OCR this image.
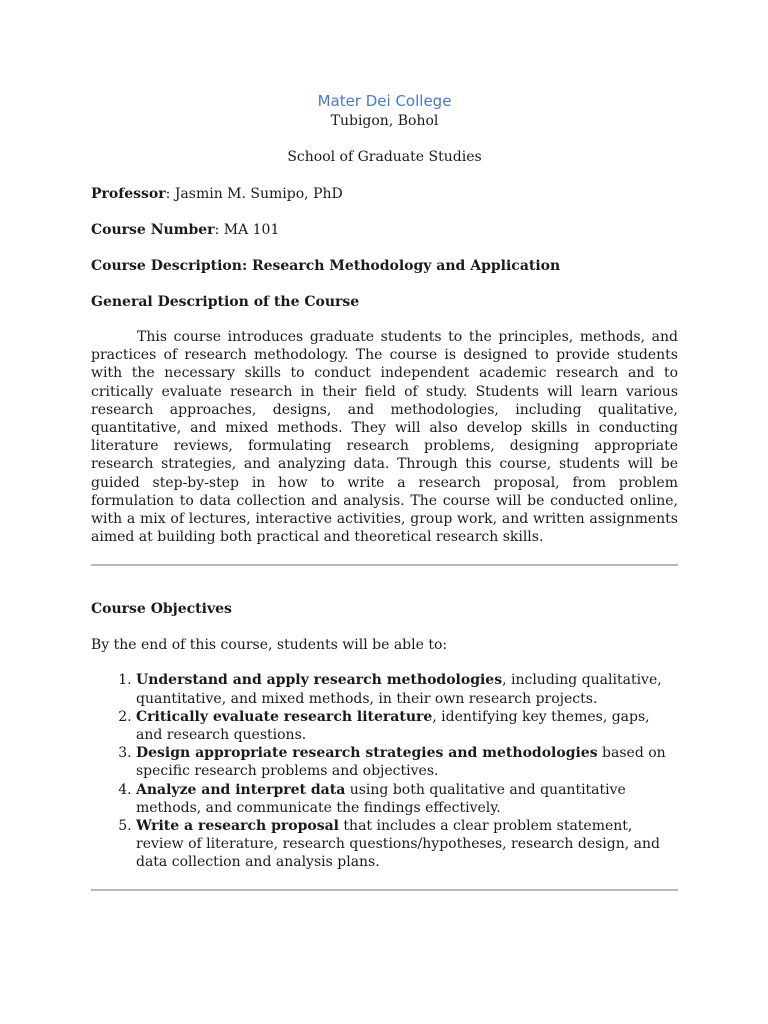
Mater Dei College
Tubigon, Bohol
School of Graduate Studies
Professor: Jasmin M. Sumipo, PhD
Course Number: MA 101
Course Description: Research Methodology and Application
General Description of the Course

This course introduces graduate students to the principles, methods, and practices of research methodology. The course is designed to provide students with the necessary skills to conduct independent academic research and to critically evaluate research in their field of study. Students will learn various research approaches, designs, and methodologies, including qualitative, quantitative, and mixed methods. They will also develop skills in conducting literature reviews, formulating research problems, designing appropriate research strategies, and analyzing data. Through this course, students will be guided step-by-step in how to write a research proposal, from problem formulation to data collection and analysis. The course will be conducted online, with a mix of lectures, interactive activities, group work, and written assignments aimed at building both practical and theoretical research skills.

Course Objectives
By the end of this course, students will be able to:
1. Understand and apply research methodologies, including qualitative, quantitative, and mixed methods, in their own research projects.
2. Critically evaluate research literature, identifying key themes, gaps, and research questions.
3. Design appropriate research strategies and methodologies based on specific research problems and objectives.
4. Analyze and interpret data using both qualitative and quantitative methods, and communicate the findings effectively.
5. Write a research proposal that includes a clear problem statement, review of literature, research questions/hypotheses, research design, and data collection and analysis plans.
